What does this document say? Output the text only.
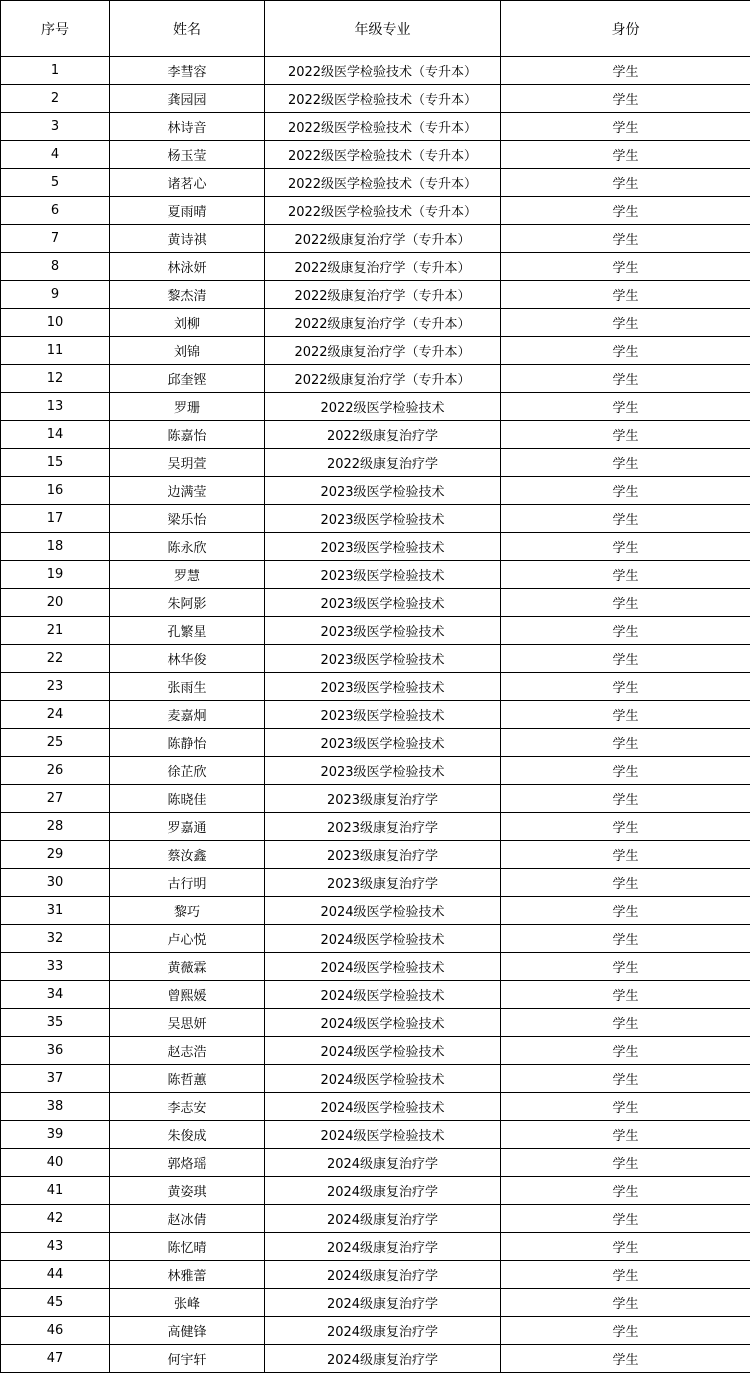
序号	姓名	年级专业	身份
1	李彗容	2022级医学检验技术（专升本）	学生
2	龚园园	2022级医学检验技术（专升本）	学生
3	林诗音	2022级医学检验技术（专升本）	学生
4	杨玉莹	2022级医学检验技术（专升本）	学生
5	诸茗心	2022级医学检验技术（专升本）	学生
6	夏雨晴	2022级医学检验技术（专升本）	学生
7	黄诗祺	2022级康复治疗学（专升本）	学生
8	林泳妍	2022级康复治疗学（专升本）	学生
9	黎杰清	2022级康复治疗学（专升本）	学生
10	刘柳	2022级康复治疗学（专升本）	学生
11	刘锦	2022级康复治疗学（专升本）	学生
12	邱奎铿	2022级康复治疗学（专升本）	学生
13	罗珊	2022级医学检验技术	学生
14	陈嘉怡	2022级康复治疗学	学生
15	吴玥萱	2022级康复治疗学	学生
16	边满莹	2023级医学检验技术	学生
17	梁乐怡	2023级医学检验技术	学生
18	陈永欣	2023级医学检验技术	学生
19	罗慧	2023级医学检验技术	学生
20	朱阿影	2023级医学检验技术	学生
21	孔繁星	2023级医学检验技术	学生
22	林华俊	2023级医学检验技术	学生
23	张雨生	2023级医学检验技术	学生
24	麦嘉炯	2023级医学检验技术	学生
25	陈静怡	2023级医学检验技术	学生
26	徐芷欣	2023级医学检验技术	学生
27	陈晓佳	2023级康复治疗学	学生
28	罗嘉通	2023级康复治疗学	学生
29	蔡汝鑫	2023级康复治疗学	学生
30	古行明	2023级康复治疗学	学生
31	黎巧	2024级医学检验技术	学生
32	卢心悦	2024级医学检验技术	学生
33	黄薇霖	2024级医学检验技术	学生
34	曾熙媛	2024级医学检验技术	学生
35	吴思妍	2024级医学检验技术	学生
36	赵志浩	2024级医学检验技术	学生
37	陈哲蕙	2024级医学检验技术	学生
38	李志安	2024级医学检验技术	学生
39	朱俊成	2024级医学检验技术	学生
40	郭烙瑶	2024级康复治疗学	学生
41	黄姿琪	2024级康复治疗学	学生
42	赵冰倩	2024级康复治疗学	学生
43	陈忆晴	2024级康复治疗学	学生
44	林雅蕾	2024级康复治疗学	学生
45	张峰	2024级康复治疗学	学生
46	高健锋	2024级康复治疗学	学生
47	何宇轩	2024级康复治疗学	学生
